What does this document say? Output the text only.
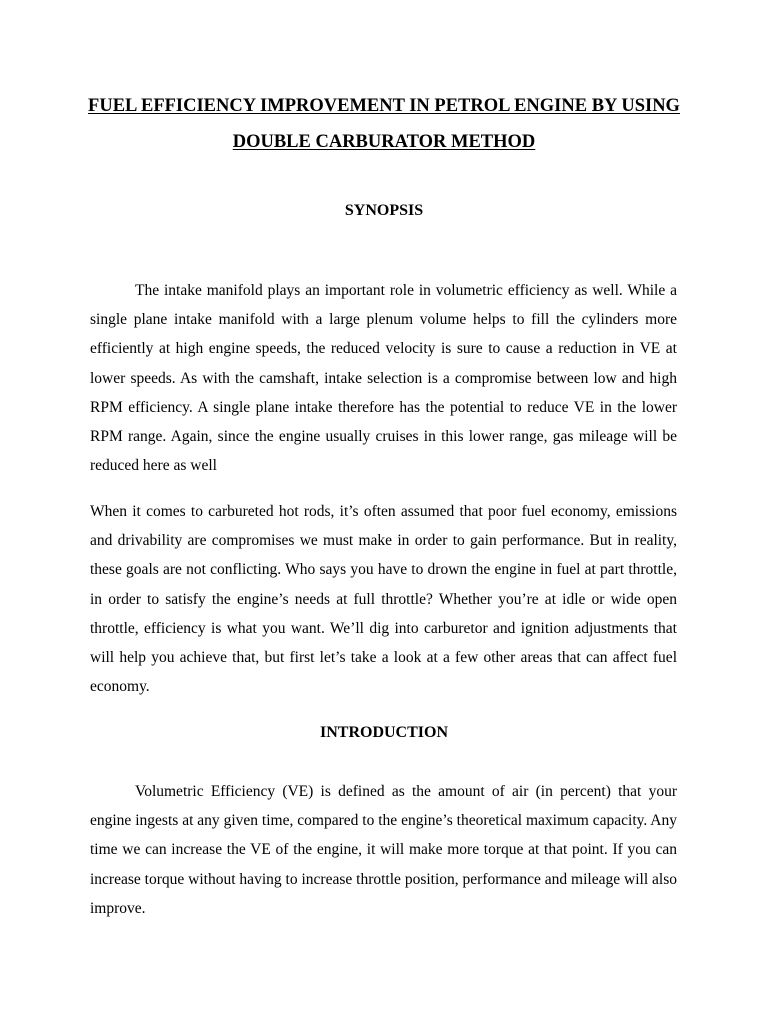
FUEL EFFICIENCY IMPROVEMENT IN PETROL ENGINE BY USING DOUBLE CARBURATOR METHOD
SYNOPSIS

The intake manifold plays an important role in volumetric efficiency as well. While a single plane intake manifold with a large plenum volume helps to fill the cylinders more efficiently at high engine speeds, the reduced velocity is sure to cause a reduction in VE at lower speeds. As with the camshaft, intake selection is a compromise between low and high RPM efficiency. A single plane intake therefore has the potential to reduce VE in the lower RPM range. Again, since the engine usually cruises in this lower range, gas mileage will be reduced here as well

When it comes to carbureted hot rods, it’s often assumed that poor fuel economy, emissions and drivability are compromises we must make in order to gain performance. But in reality, these goals are not conflicting. Who says you have to drown the engine in fuel at part throttle, in order to satisfy the engine’s needs at full throttle? Whether you’re at idle or wide open throttle, efficiency is what you want. We’ll dig into carburetor and ignition adjustments that will help you achieve that, but first let’s take a look at a few other areas that can affect fuel economy.

INTRODUCTION

Volumetric Efficiency (VE) is defined as the amount of air (in percent) that your engine ingests at any given time, compared to the engine’s theoretical maximum capacity. Any time we can increase the VE of the engine, it will make more torque at that point. If you can increase torque without having to increase throttle position, performance and mileage will also improve.
